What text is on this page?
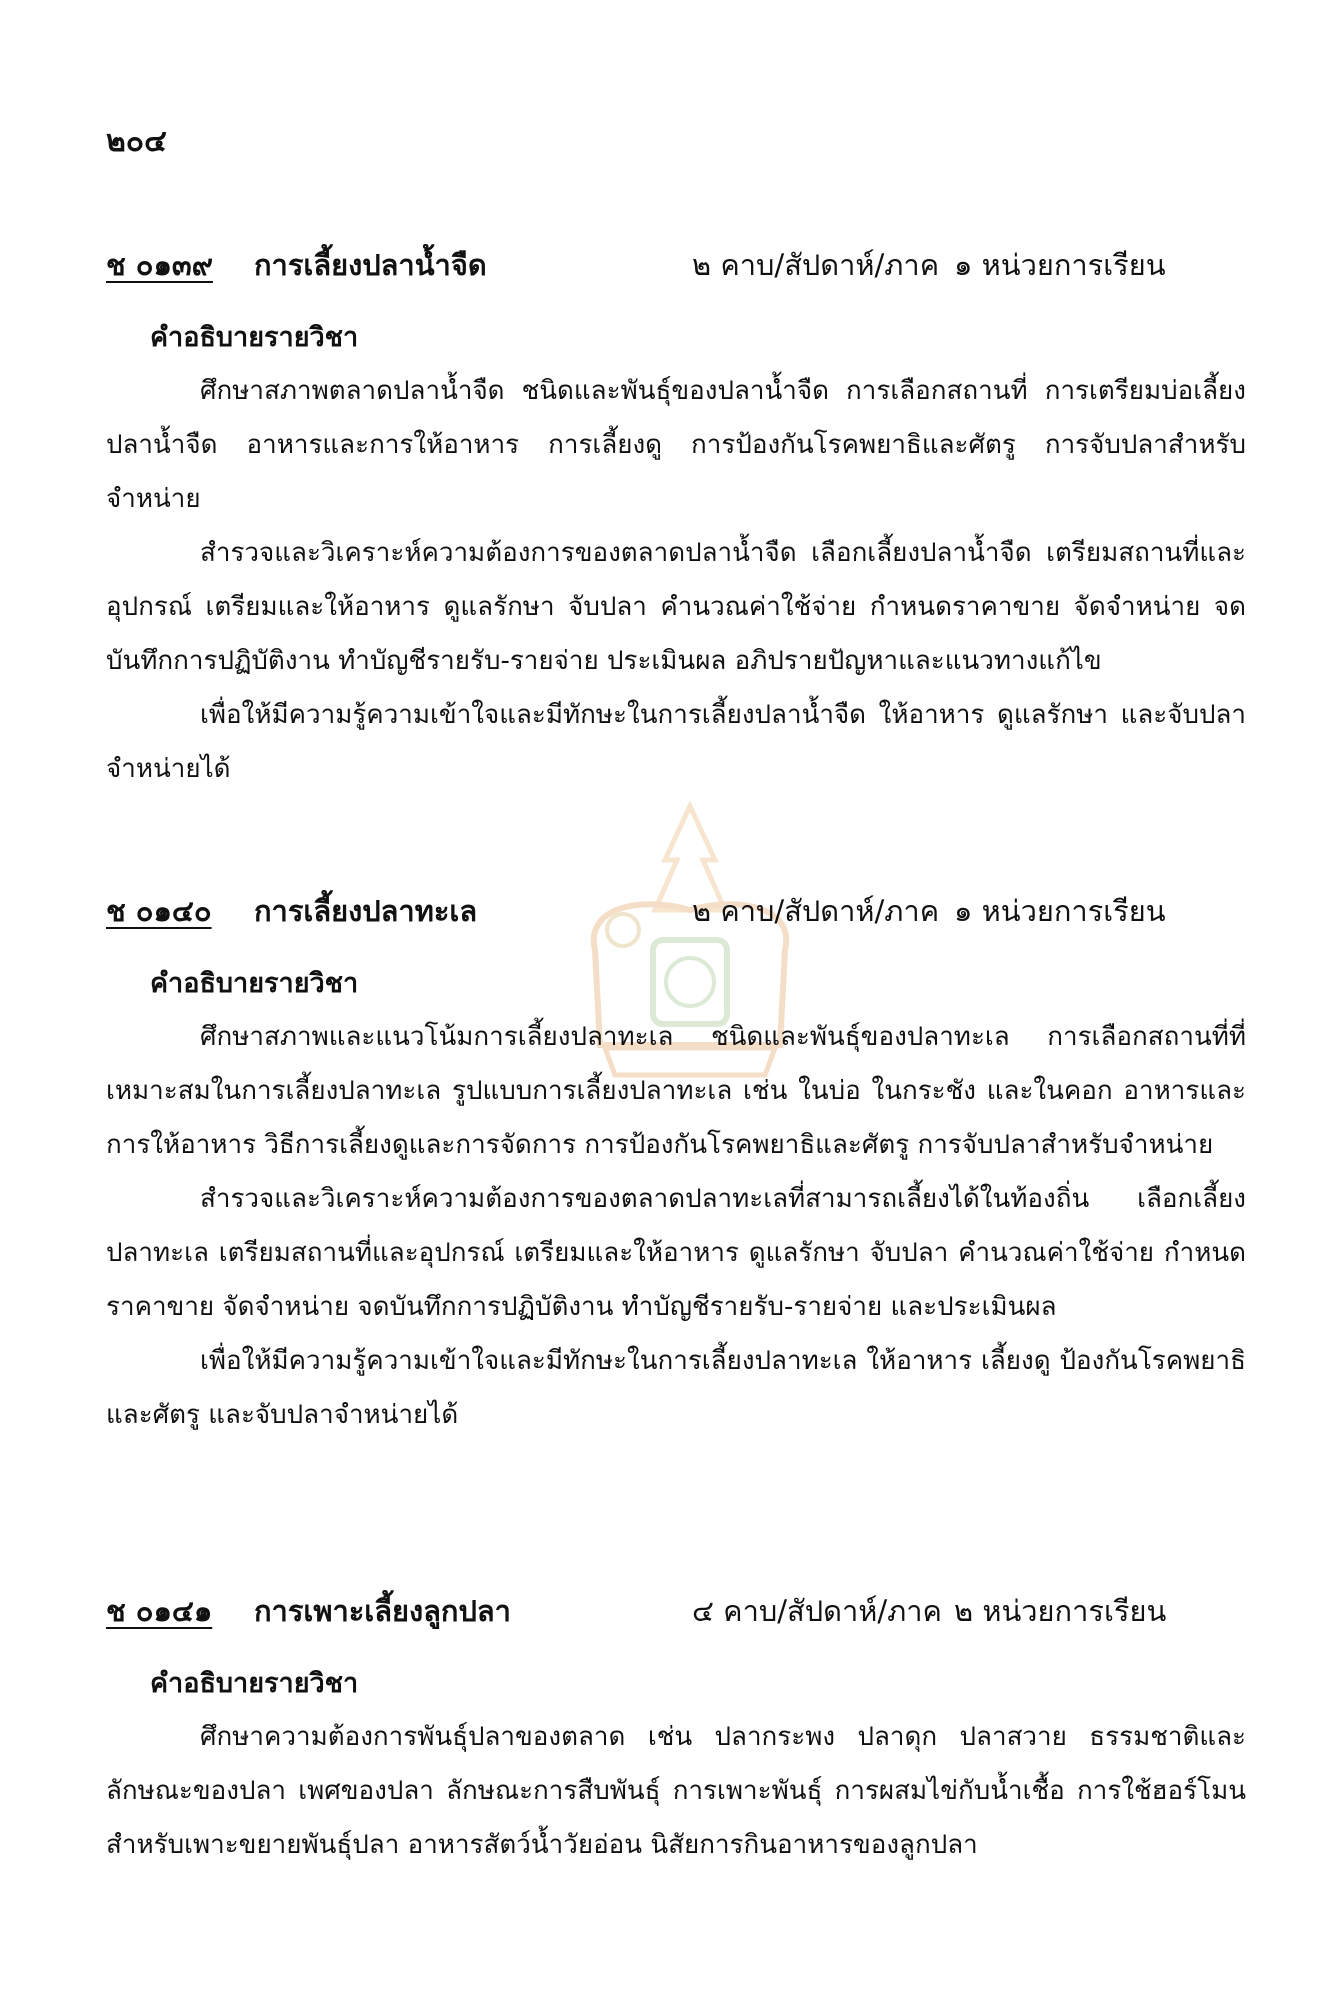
๒๐๔
ช ๐๑๓๙ การเลี้ยงปลาน้ำจืด	๒ คาบ/สัปดาห์/ภาค ๑ หน่วยการเรียน
คำอธิบายรายวิชา

ศึกษาสภาพตลาดปลาน้ำจืด ชนิดและพันธุ์ของปลาน้ำจืด การเลือกสถานที่ การเตรียมบ่อเลี้ยงปลาน้ำจืด อาหารและการให้อาหาร การเลี้ยงดู การป้องกันโรคพยาธิและศัตรู การจับปลาสำหรับจำหน่าย

สำรวจและวิเคราะห์ความต้องการของตลาดปลาน้ำจืด เลือกเลี้ยงปลาน้ำจืด เตรียมสถานที่และอุปกรณ์ เตรียมและให้อาหาร ดูแลรักษา จับปลา คำนวณค่าใช้จ่าย กำหนดราคาขาย จัดจำหน่าย จดบันทึกการปฏิบัติงาน ทำบัญชีรายรับ-รายจ่าย ประเมินผล อภิปรายปัญหาและแนวทางแก้ไข

เพื่อให้มีความรู้ความเข้าใจและมีทักษะในการเลี้ยงปลาน้ำจืด ให้อาหาร ดูแลรักษา และจับปลาจำหน่ายได้

ช ๐๑๔๐ การเลี้ยงปลาทะเล	๒ คาบ/สัปดาห์/ภาค ๑ หน่วยการเรียน
คำอธิบายรายวิชา

ศึกษาสภาพและแนวโน้มการเลี้ยงปลาทะเล ชนิดและพันธุ์ของปลาทะเล การเลือกสถานที่ที่เหมาะสมในการเลี้ยงปลาทะเล รูปแบบการเลี้ยงปลาทะเล เช่น ในบ่อ ในกระชัง และในคอก อาหารและการให้อาหาร วิธีการเลี้ยงดูและการจัดการ การป้องกันโรคพยาธิและศัตรู การจับปลาสำหรับจำหน่าย

สำรวจและวิเคราะห์ความต้องการของตลาดปลาทะเลที่สามารถเลี้ยงได้ในท้องถิ่น เลือกเลี้ยงปลาทะเล เตรียมสถานที่และอุปกรณ์ เตรียมและให้อาหาร ดูแลรักษา จับปลา คำนวณค่าใช้จ่าย กำหนดราคาขาย จัดจำหน่าย จดบันทึกการปฏิบัติงาน ทำบัญชีรายรับ-รายจ่าย และประเมินผล

เพื่อให้มีความรู้ความเข้าใจและมีทักษะในการเลี้ยงปลาทะเล ให้อาหาร เลี้ยงดู ป้องกันโรคพยาธิและศัตรู และจับปลาจำหน่ายได้

ช ๐๑๔๑ การเพาะเลี้ยงลูกปลา	๔ คาบ/สัปดาห์/ภาค ๒ หน่วยการเรียน
คำอธิบายรายวิชา

ศึกษาความต้องการพันธุ์ปลาของตลาด เช่น ปลากระพง ปลาดุก ปลาสวาย ธรรมชาติและลักษณะของปลา เพศของปลา ลักษณะการสืบพันธุ์ การเพาะพันธุ์ การผสมไข่กับน้ำเชื้อ การใช้ฮอร์โมนสำหรับเพาะขยายพันธุ์ปลา อาหารสัตว์น้ำวัยอ่อน นิสัยการกินอาหารของลูกปลา
